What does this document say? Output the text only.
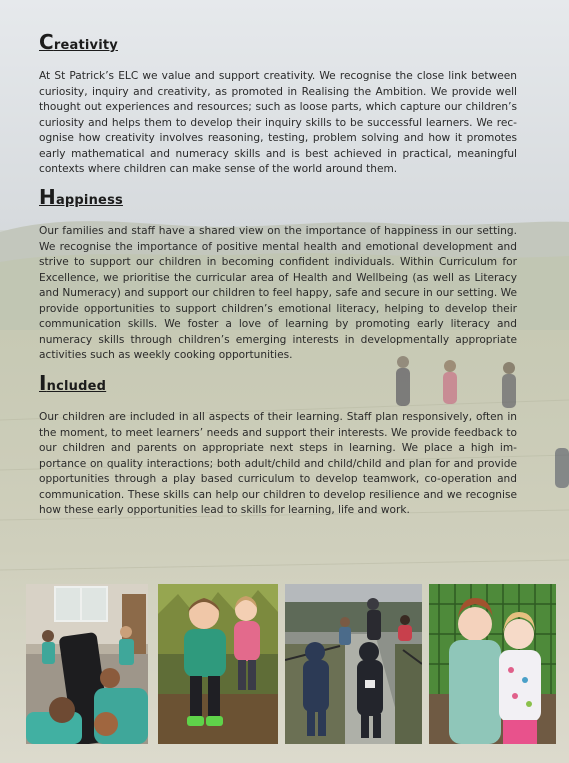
Creativity

At St Patrick’s ELC we value and support creativity. We recognise the close link between curiosity, inquiry and creativity, as promoted in Realising the Ambition. We provide well thought out experiences and resources; such as loose parts, which capture our children’s curiosity and helps them to develop their inquiry skills to be successful learners. We recognise how creativity involves reasoning, testing, problem solving and how it promotes early mathematical and numeracy skills and is best achieved in practical, meaningful contexts where children can make sense of the world around them.

Happiness

Our families and staff have a shared view on the importance of happiness in our setting. We recognise the importance of positive mental health and emotional development and strive to support our children in becoming confident individuals. Within Curriculum for Excellence, we prioritise the curricular area of Health and Wellbeing (as well as Literacy and Numeracy) and support our children to feel happy, safe and secure in our setting. We provide opportunities to support children’s emotional literacy, helping to develop their communication skills. We foster a love of learning by promoting early literacy and numeracy skills through children’s emerging interests in developmentally appropriate activities such as weekly cooking opportunities.

Included

Our children are included in all aspects of their learning. Staff plan responsively, often in the moment, to meet learners’ needs and support their interests. We provide feedback to our children and parents on appropriate next steps in learning. We place a high importance on quality interactions; both adult/child and child/child and plan for and provide opportunities through a play based curriculum to develop teamwork, co-operation and communication. These skills can help our children to develop resilience and we recognise how these early opportunities lead to skills for learning, life and work.
